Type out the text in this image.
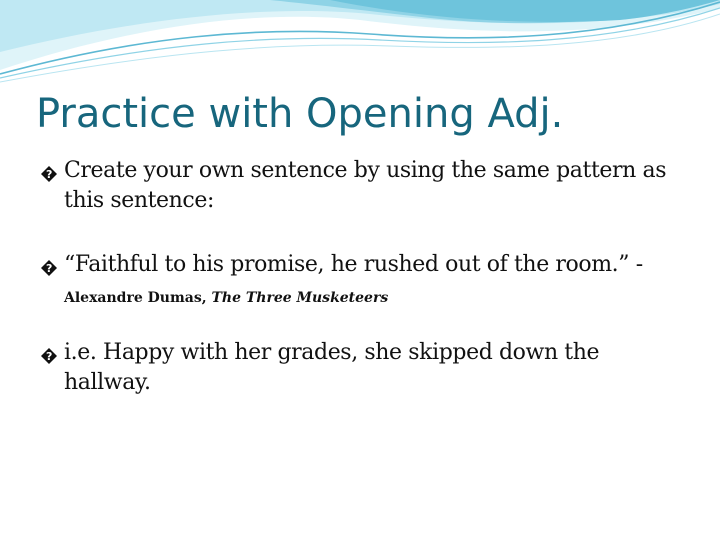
Practice with Opening Adj.
? Create your own sentence by using the same pattern as this sentence:
? “Faithful to his promise, he rushed out of the room.” -
Alexandre Dumas, The Three Musketeers
? i.e. Happy with her grades, she skipped down the hallway.
